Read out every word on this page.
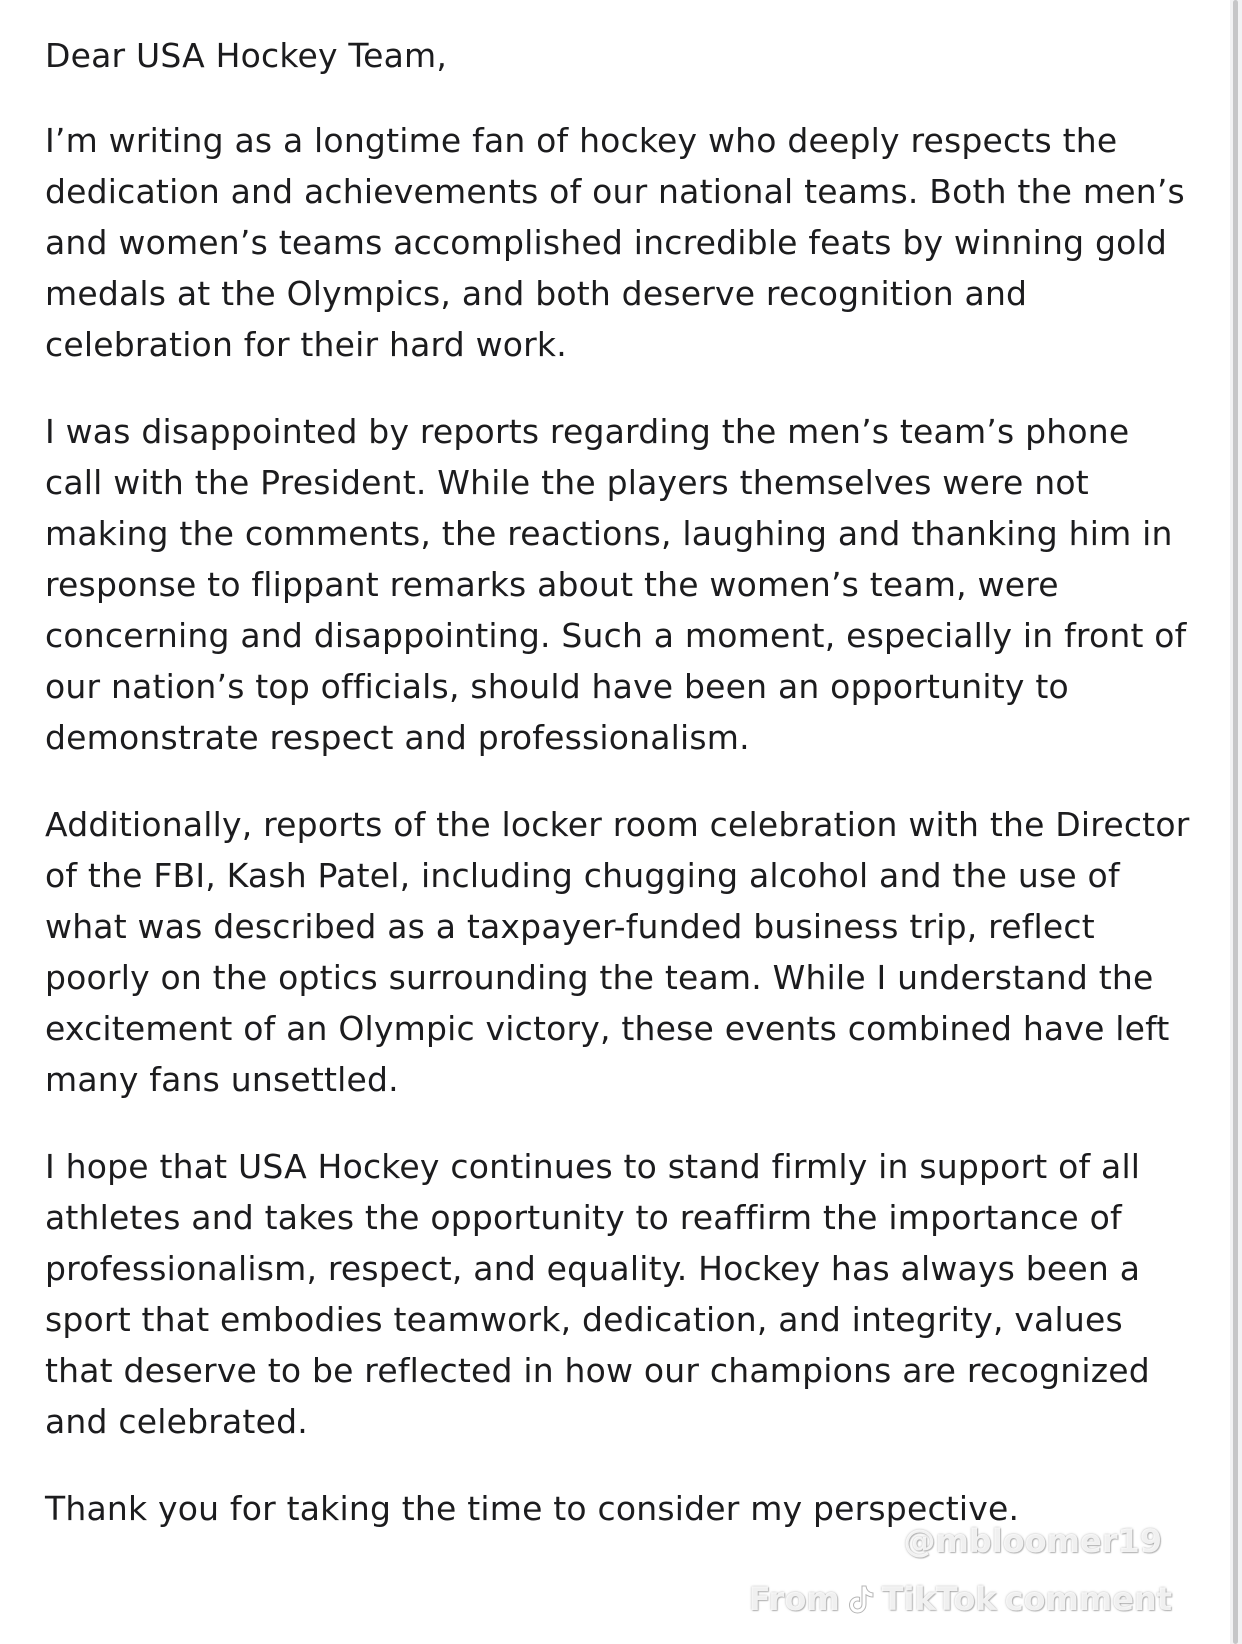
Dear USA Hockey Team,

I’m writing as a longtime fan of hockey who deeply respects the dedication and achievements of our national teams. Both the men’s and women’s teams accomplished incredible feats by winning gold medals at the Olympics, and both deserve recognition and celebration for their hard work.

I was disappointed by reports regarding the men’s team’s phone call with the President. While the players themselves were not making the comments, the reactions, laughing and thanking him in response to flippant remarks about the women’s team, were concerning and disappointing. Such a moment, especially in front of our nation’s top officials, should have been an opportunity to demonstrate respect and professionalism.

Additionally, reports of the locker room celebration with the Director of the FBI, Kash Patel, including chugging alcohol and the use of what was described as a taxpayer-funded business trip, reflect poorly on the optics surrounding the team. While I understand the excitement of an Olympic victory, these events combined have left many fans unsettled.

I hope that USA Hockey continues to stand firmly in support of all athletes and takes the opportunity to reaffirm the importance of professionalism, respect, and equality. Hockey has always been a sport that embodies teamwork, dedication, and integrity, values that deserve to be reflected in how our champions are recognized and celebrated.

Thank you for taking the time to consider my perspective.

@mbloomer19
From TikTok comment
